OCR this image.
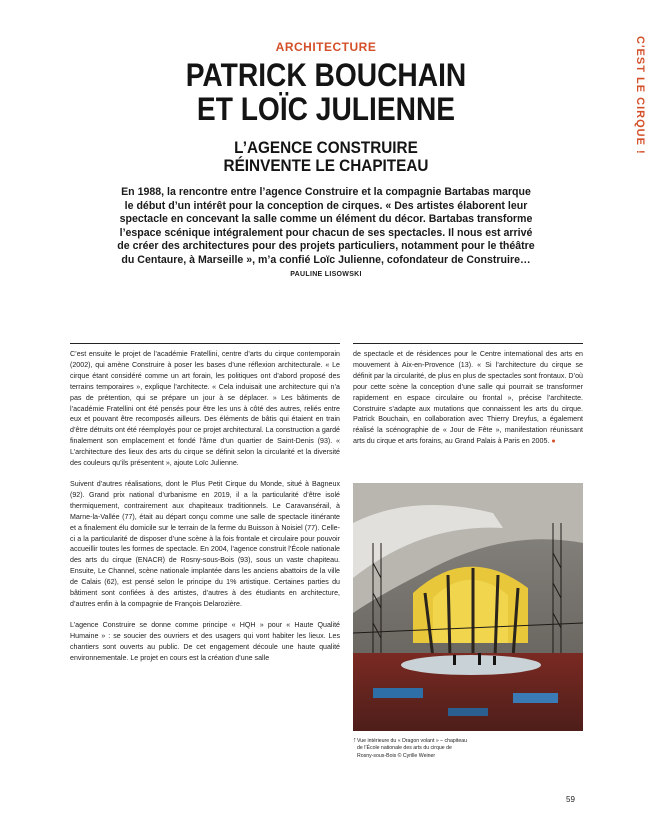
C'EST LE CIRQUE !
ARCHITECTURE
PATRICK BOUCHAIN
ET LOÏC JULIENNE
L’AGENCE CONSTRUIRE
RÉINVENTE LE CHAPITEAU
En 1988, la rencontre entre l’agence Construire et la compagnie Bartabas marque le début d’un intérêt pour la conception de cirques. « Des artistes élaborent leur spectacle en concevant la salle comme un élément du décor. Bartabas transforme l’espace scénique intégralement pour chacun de ses spectacles. Il nous est arrivé de créer des architectures pour des projets particuliers, notamment pour le théâtre du Centaure, à Marseille », m’a confié Loïc Julienne, cofondateur de Construire… PAULINE LISOWSKI

C’est ensuite le projet de l’académie Fratellini, centre d’arts du cirque contemporain (2002), qui amène Construire à poser les bases d’une réflexion architecturale. « Le cirque étant considéré comme un art forain, les politiques ont d’abord proposé des terrains temporaires », explique l’architecte. « Cela induisait une architecture qui n’a pas de prétention, qui se prépare un jour à se déplacer. » Les bâtiments de l’académie Fratellini ont été pensés pour être les uns à côté des autres, reliés entre eux et pouvant être recomposés ailleurs. Des éléments de bâtis qui étaient en train d’être détruits ont été réemployés pour ce projet architectural. La construction a gardé finalement son emplacement et fondé l’âme d’un quartier de Saint-Denis (93). « L’architecture des lieux des arts du cirque se définit selon la circularité et la diversité des couleurs qu’ils présentent », ajoute Loïc Julienne.

Suivent d’autres réalisations, dont le Plus Petit Cirque du Monde, situé à Bagneux (92). Grand prix national d’urbanisme en 2019, il a la particularité d’être isolé thermiquement, contrairement aux chapiteaux traditionnels. Le Caravansérail, à Marne-la-Vallée (77), était au départ conçu comme une salle de spectacle itinérante et a finalement élu domicile sur le terrain de la ferme du Buisson à Noisiel (77). Celle-ci a la particularité de disposer d’une scène à la fois frontale et circulaire pour pouvoir accueillir toutes les formes de spectacle. En 2004, l’agence construit l’École nationale des arts du cirque (ENACR) de Rosny-sous-Bois (93), sous un vaste chapiteau. Ensuite, Le Channel, scène nationale implantée dans les anciens abattoirs de la ville de Calais (62), est pensé selon le principe du 1% artistique. Certaines parties du bâtiment sont confiées à des artistes, d’autres à des étudiants en architecture, d’autres enfin à la compagnie de François Delarozière.

L’agence Construire se donne comme principe « HQH » pour « Haute Qualité Humaine » : se soucier des ouvriers et des usagers qui vont habiter les lieux. Les chantiers sont ouverts au public. De cet engagement découle une haute qualité environnementale. Le projet en cours est la création d’une salle

de spectacle et de résidences pour le Centre international des arts en mouvement à Aix-en-Provence (13). « Si l’architecture du cirque se définit par la circularité, de plus en plus de spectacles sont frontaux. D’où pour cette scène la conception d’une salle qui pourrait se transformer rapidement en espace circulaire ou frontal », précise l’architecte. Construire s’adapte aux mutations que connaissent les arts du cirque. Patrick Bouchain, en collaboration avec Thierry Dreyfus, a également réalisé la scénographie de « Jour de Fête », manifestation réunissant arts du cirque et arts forains, au Grand Palais à Paris en 2005. ●

↑ Vue intérieure du « Dragon volant » – chapiteau de l’École nationale des arts du cirque de Rosny-sous-Bois © Cyrille Weiner
59
